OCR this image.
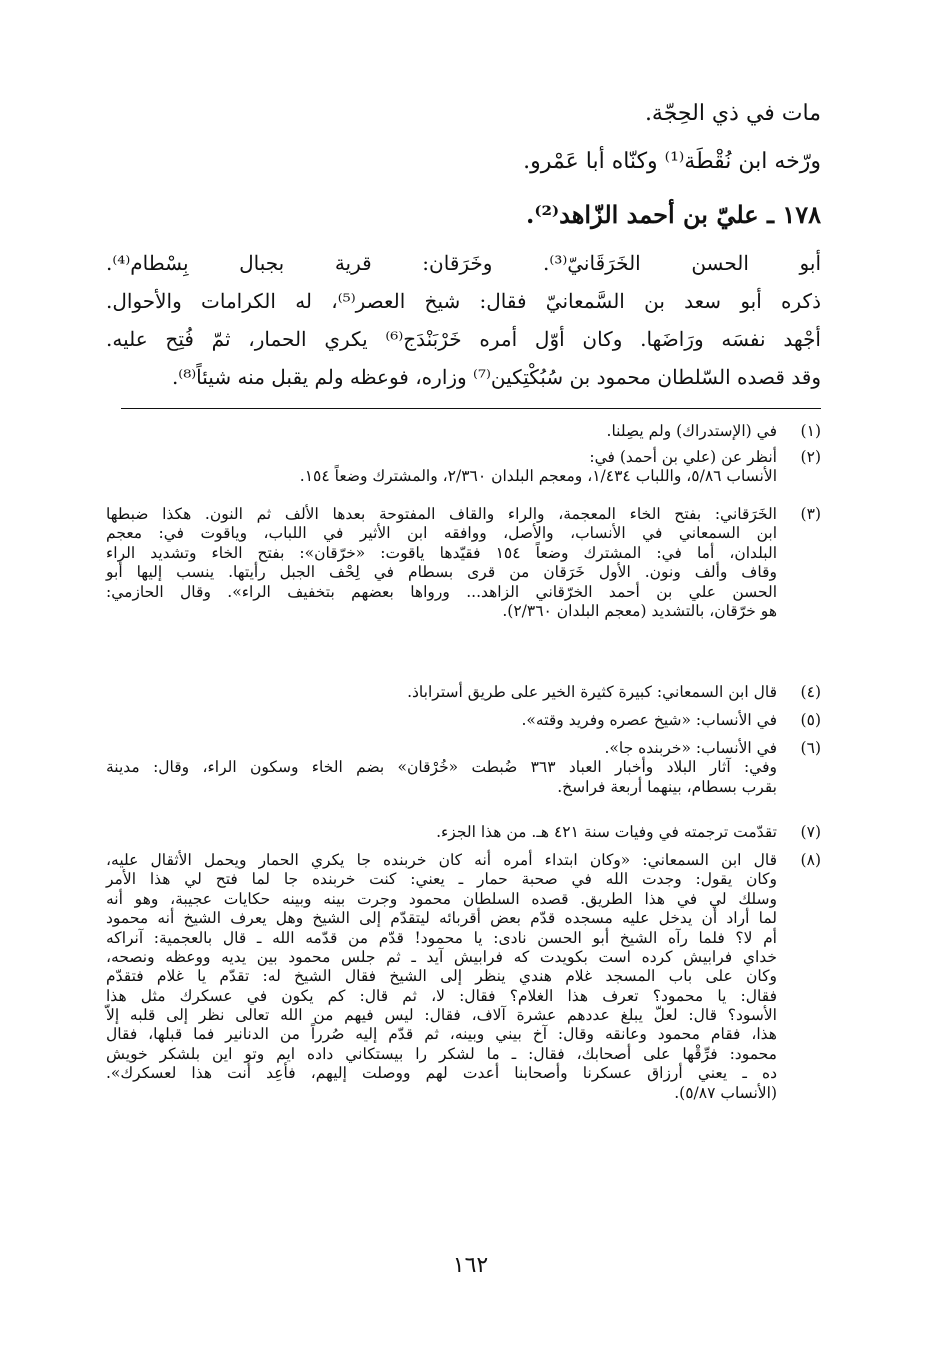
مات في ذي الحِجّة.
ورّخه ابن نُقْطَة⁽¹⁾ وكنّاه أبا عَمْرو.
١٧٨ ـ عليّ بن أحمد الزّاهد⁽²⁾.
أبو الحسن الخَرَقَانيّ⁽³⁾. وخَرَقان: قرية بجبال بِسْطام⁽⁴⁾.
ذكره أبو سعد بن السَّمعانيّ فقال: شيخ العصر⁽⁵⁾، له الكرامات والأحوال.
أجْهد نفسَه ورَاضَها. وكان أوّل أمره خَرْبَنْدَج⁽⁶⁾ يكري الحمار، ثمّ فُتِح عليه.
وقد قصده السّلطان محمود بن سُبُكْتِكين⁽⁷⁾ وزاره، فوعظه ولم يقبل منه شيئاً⁽⁸⁾.
(١)
في (الإستدراك) ولم يصِلنا.
(٢)
أنظر عن (علي بن أحمد) في:
الأنساب ٥/٨٦، واللباب ١/٤٣٤، ومعجم البلدان ٢/٣٦٠، والمشترك وضعاً ١٥٤.
(٣)
الخَرَقاني: بفتح الخاء المعجمة، والراء والقاف المفتوحة بعدها الألف ثم النون. هكذا ضبطها
ابن السمعاني في الأنساب، والأصل، ووافقه ابن الأثير في اللباب، وياقوت في: معجم
البلدان، أما في: المشترك وضعاً ١٥٤ فقيّدها ياقوت: «خرّقان»: بفتح الخاء وتشديد الراء
وقاف وألف ونون. الأول خَرَقان من قرى بسطام في لِحْف الجبل رأيتها. ينسب إليها أبو
الحسن علي بن أحمد الخرّقاني الزاهد... ورواها بعضهم بتخفيف الراء». وقال الحازمي:
هو خرّقان، بالتشديد (معجم البلدان ٢/٣٦٠).
(٤)
قال ابن السمعاني: كبيرة كثيرة الخير على طريق أستراباذ.
(٥)
في الأنساب: «شيخ عصره وفريد وقته».
(٦)
في الأنساب: «خربنده جا».
وفي: آثار البلاد وأخبار العباد ٣٦٣ ضُبطت «خُرْقان» بضم الخاء وسكون الراء، وقال: مدينة
بقرب بسطام، بينهما أربعة فراسخ.
(٧)
تقدّمت ترجمته في وفيات سنة ٤٢١ هـ. من هذا الجزء.
(٨)
قال ابن السمعاني: «وكان ابتداء أمره أنه كان خربنده جا يكري الحمار ويحمل الأثقال عليه،
وكان يقول: وجدت الله في صحبة حمار ـ يعني: كنت خربنده جا لما فتح لي هذا الأمر
وسلك لي في هذا الطريق. قصده السلطان محمود وجرت بينه وبينه حكايات عجيبة، وهو أنه
لما أراد أن يدخل عليه مسجده قدّم بعض أقربائه ليتقدّم إلى الشيخ وهل يعرف الشيخ أنه محمود
أم لا؟ فلما رآه الشيخ أبو الحسن نادى: يا محمود! قدّم من قدّمه الله ـ قال بالعجمية: آنراكه
خداي فرابيش كرده است بكويدت كه فرابيش آيد ـ ثم جلس محمود بين يديه ووعظه ونصحه،
وكان على باب المسجد غلام هندي ينظر إلى الشيخ فقال الشيخ له: تقدّم يا غلام فتقدّم
فقال: يا محمود؟ تعرف هذا الغلام؟ فقال: لا، ثم قال: كم يكون في عسكرك مثل هذا
الأسود؟ قال: لعلّ يبلغ عددهم عشرة آلاف، فقال: ليس فيهم من الله تعالى نظر إلى قلبه إلاّ
هذا، فقام محمود وعانقه وقال: آخ بيني وبينه، ثم قدّم إليه صُرراً من الدنانير فما قبلها، فقال
محمود: فرِّقْها على أصحابك، فقال: ـ ما لشكر را بيستكاني داده ايم وتو اين بلشكر خويش
ده ـ يعني أرزاق عسكرنا وأصحابنا أعدت لهم ووصلت إليهم، فأعِد أنت هذا لعسكرك».
(الأنساب ٥/٨٧).
١٦٢
